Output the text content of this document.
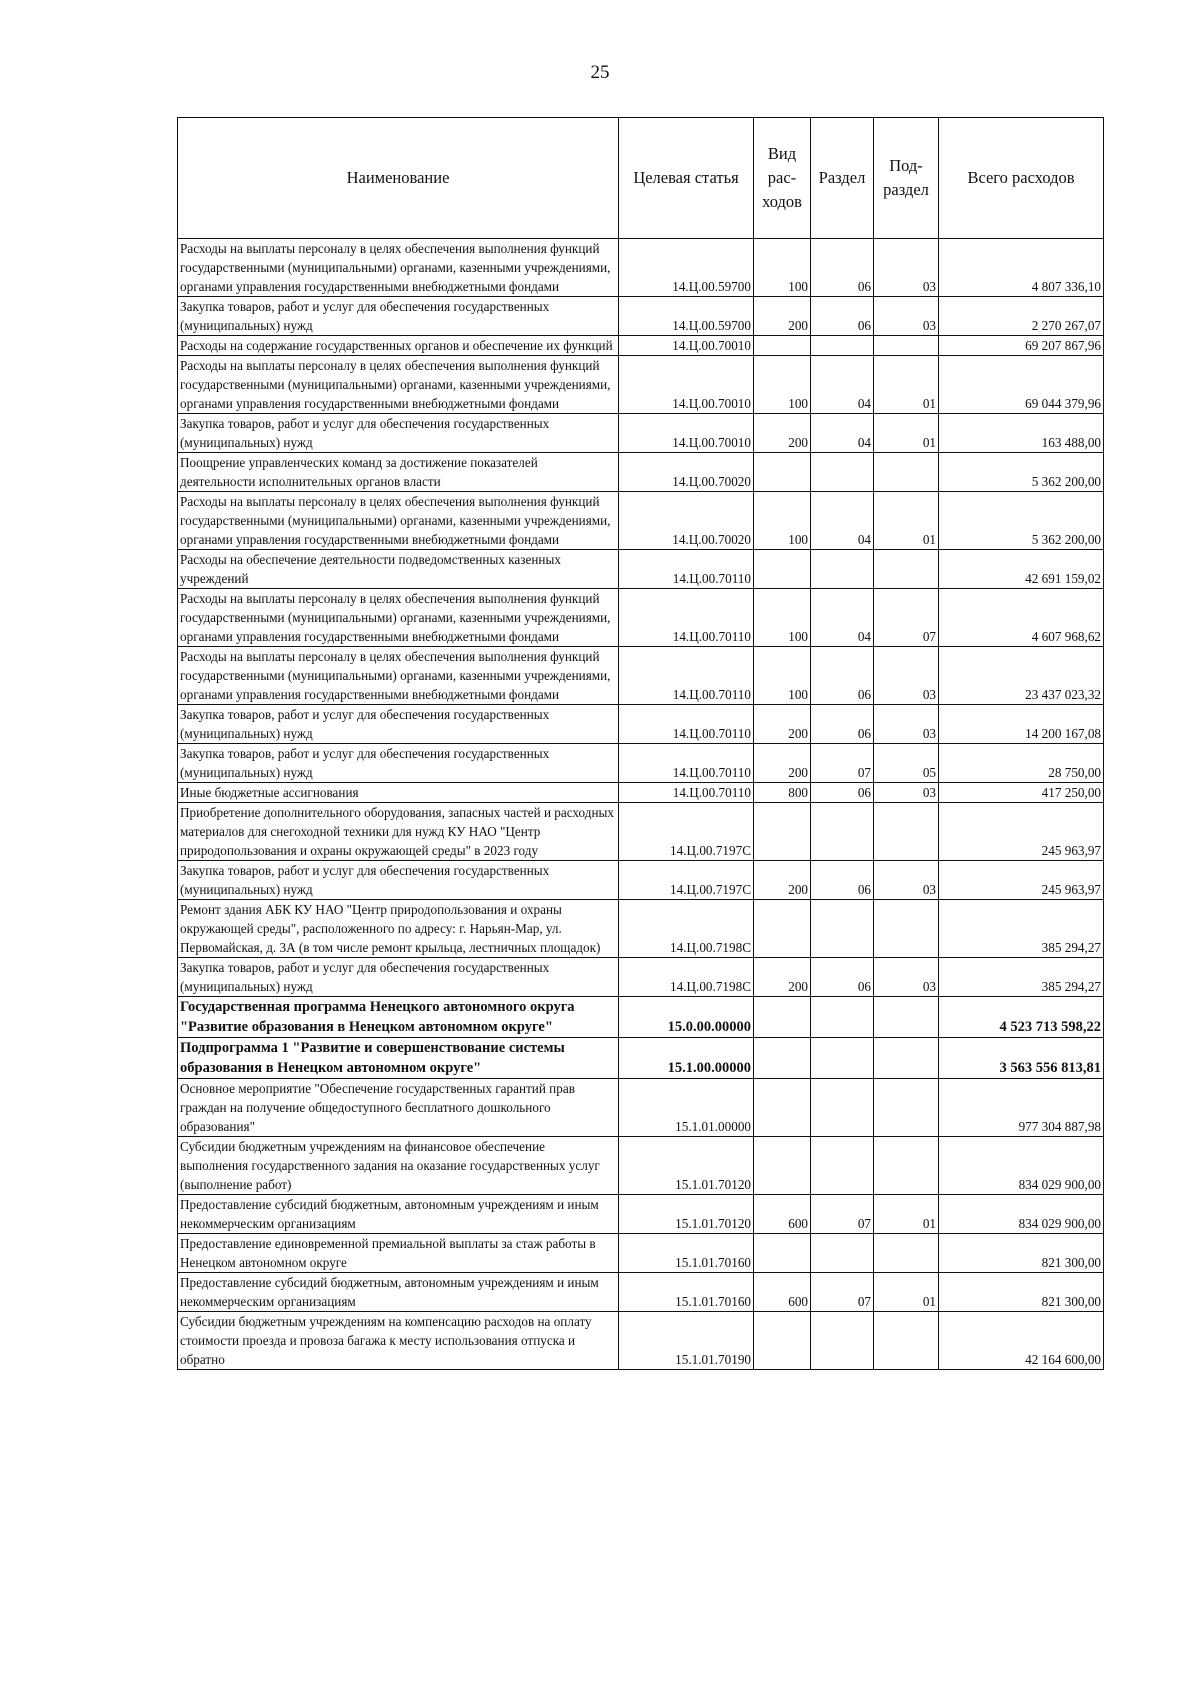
25
Наименование	Целевая статья	Вид рас- ходов	Раздел	Под- раздел	Всего расходов
Расходы на выплаты персоналу в целях обеспечения выполнения функций государственными (муниципальными) органами, казенными учреждениями, органами управления государственными внебюджетными фондами	14.Ц.00.59700	100	06	03	4 807 336,10
Закупка товаров, работ и услуг для обеспечения государственных (муниципальных) нужд	14.Ц.00.59700	200	06	03	2 270 267,07
Расходы на содержание государственных органов и обеспечение их функций	14.Ц.00.70010				69 207 867,96
Расходы на выплаты персоналу в целях обеспечения выполнения функций государственными (муниципальными) органами, казенными учреждениями, органами управления государственными внебюджетными фондами	14.Ц.00.70010	100	04	01	69 044 379,96
Закупка товаров, работ и услуг для обеспечения государственных (муниципальных) нужд	14.Ц.00.70010	200	04	01	163 488,00
Поощрение управленческих команд за достижение показателей деятельности исполнительных органов власти	14.Ц.00.70020				5 362 200,00
Расходы на выплаты персоналу в целях обеспечения выполнения функций государственными (муниципальными) органами, казенными учреждениями, органами управления государственными внебюджетными фондами	14.Ц.00.70020	100	04	01	5 362 200,00
Расходы на обеспечение деятельности подведомственных казенных учреждений	14.Ц.00.70110				42 691 159,02
Расходы на выплаты персоналу в целях обеспечения выполнения функций государственными (муниципальными) органами, казенными учреждениями, органами управления государственными внебюджетными фондами	14.Ц.00.70110	100	04	07	4 607 968,62
Расходы на выплаты персоналу в целях обеспечения выполнения функций государственными (муниципальными) органами, казенными учреждениями, органами управления государственными внебюджетными фондами	14.Ц.00.70110	100	06	03	23 437 023,32
Закупка товаров, работ и услуг для обеспечения государственных (муниципальных) нужд	14.Ц.00.70110	200	06	03	14 200 167,08
Закупка товаров, работ и услуг для обеспечения государственных (муниципальных) нужд	14.Ц.00.70110	200	07	05	28 750,00
Иные бюджетные ассигнования	14.Ц.00.70110	800	06	03	417 250,00
Приобретение дополнительного оборудования, запасных частей и расходных материалов для снегоходной техники для нужд КУ НАО "Центр природопользования и охраны окружающей среды" в 2023 году	14.Ц.00.7197С				245 963,97
Закупка товаров, работ и услуг для обеспечения государственных (муниципальных) нужд	14.Ц.00.7197С	200	06	03	245 963,97
Ремонт здания АБК КУ НАО "Центр природопользования и охраны окружающей среды", расположенного по адресу: г. Нарьян-Мар, ул. Первомайская, д. 3А (в том числе ремонт крыльца, лестничных площадок)	14.Ц.00.7198С				385 294,27
Закупка товаров, работ и услуг для обеспечения государственных (муниципальных) нужд	14.Ц.00.7198С	200	06	03	385 294,27
Государственная программа Ненецкого автономного округа "Развитие образования в Ненецком автономном округе"	15.0.00.00000				4 523 713 598,22
Подпрограмма 1 "Развитие и совершенствование системы образования в Ненецком автономном округе"	15.1.00.00000				3 563 556 813,81
Основное мероприятие "Обеспечение государственных гарантий прав граждан на получение общедоступного бесплатного дошкольного образования"	15.1.01.00000				977 304 887,98
Субсидии бюджетным учреждениям на финансовое обеспечение выполнения государственного задания на оказание государственных услуг (выполнение работ)	15.1.01.70120				834 029 900,00
Предоставление субсидий бюджетным, автономным учреждениям и иным некоммерческим организациям	15.1.01.70120	600	07	01	834 029 900,00
Предоставление единовременной премиальной выплаты за стаж работы в Ненецком автономном округе	15.1.01.70160				821 300,00
Предоставление субсидий бюджетным, автономным учреждениям и иным некоммерческим организациям	15.1.01.70160	600	07	01	821 300,00
Субсидии бюджетным учреждениям на компенсацию расходов на оплату стоимости проезда и провоза багажа к месту использования отпуска и обратно	15.1.01.70190				42 164 600,00
